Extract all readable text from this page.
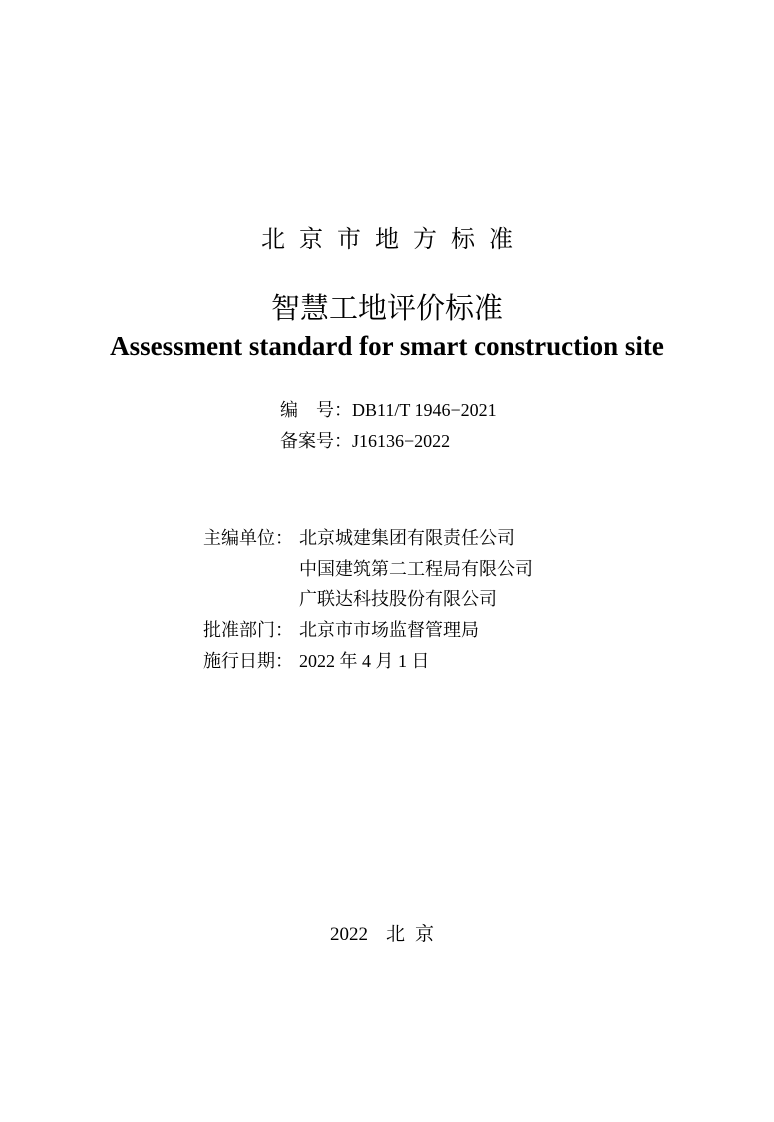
北京市地方标准
智慧工地评价标准
Assessment standard for smart construction site
编　号：DB11/T 1946−2021
备案号：J16136−2022
主编单位： 北京城建集团有限责任公司
中国建筑第二工程局有限公司
广联达科技股份有限公司
批准部门： 北京市市场监督管理局
施行日期： 2022 年 4 月 1 日
2022 北京
